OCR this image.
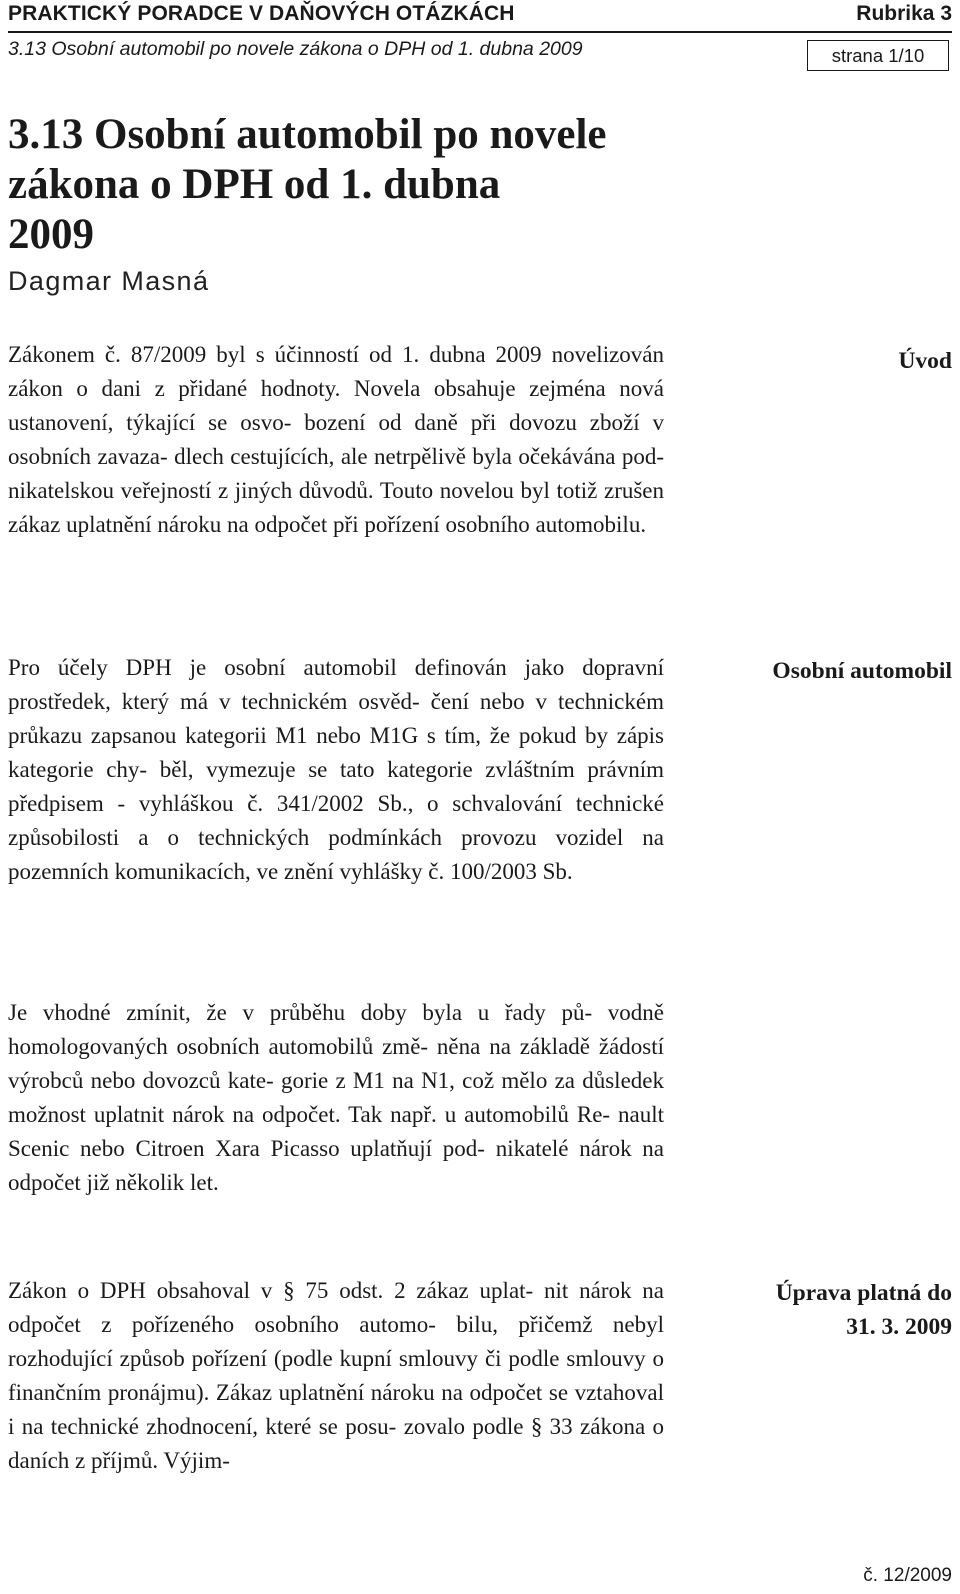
PRAKTICKÝ PORADCE V DAŇOVÝCH OTÁZKÁCH	Rubrika 3
3.13 Osobní automobil po novele zákona o DPH od 1. dubna 2009	strana 1/10
3.13 Osobní automobil po novele
zákona o DPH od 1. dubna
2009
Dagmar Masná

Zákonem č. 87/2009 byl s účinností od 1. dubna 2009 novelizován zákon o dani z přidané hodnoty. Novela obsahuje zejména nová ustanovení, týkající se osvo- bození od daně při dovozu zboží v osobních zavaza- dlech cestujících, ale netrpělivě byla očekávána pod- nikatelskou veřejností z jiných důvodů. Touto novelou byl totiž zrušen zákaz uplatnění nároku na odpočet při pořízení osobního automobilu.

Úvod

Pro účely DPH je osobní automobil definován jako dopravní prostředek, který má v technickém osvěd- čení nebo v technickém průkazu zapsanou kategorii M1 nebo M1G s tím, že pokud by zápis kategorie chy- běl, vymezuje se tato kategorie zvláštním právním předpisem - vyhláškou č. 341/2002 Sb., o schvalování technické způsobilosti a o technických podmínkách provozu vozidel na pozemních komunikacích, ve znění vyhlášky č. 100/2003 Sb.

Osobní automobil

Je vhodné zmínit, že v průběhu doby byla u řady pů- vodně homologovaných osobních automobilů změ- něna na základě žádostí výrobců nebo dovozců kate- gorie z M1 na N1, což mělo za důsledek možnost uplatnit nárok na odpočet. Tak např. u automobilů Re- nault Scenic nebo Citroen Xara Picasso uplatňují pod- nikatelé nárok na odpočet již několik let.

Zákon o DPH obsahoval v § 75 odst. 2 zákaz uplat- nit nárok na odpočet z pořízeného osobního automo- bilu, přičemž nebyl rozhodující způsob pořízení (podle kupní smlouvy či podle smlouvy o finančním pronájmu). Zákaz uplatnění nároku na odpočet se vztahoval i na technické zhodnocení, které se posu- zovalo podle § 33 zákona o daních z příjmů. Výjim-

Úprava platná do
31. 3. 2009
č. 12/2009
